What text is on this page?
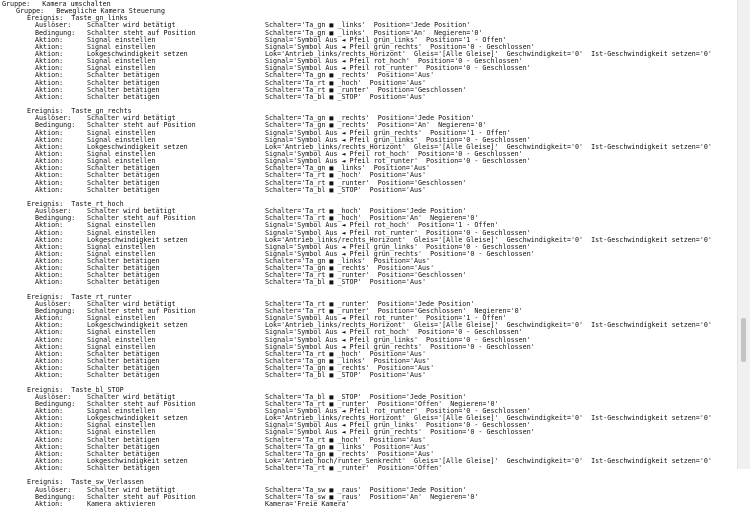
Gruppe:   Kamera umschalten
Gruppe:   Bewegliche Kamera Steuerung
Ereignis:  Taste_gn_links
Auslöser: Schalter wird betätigt	Schalter='Ta_gn ■ _links'  Position='Jede Position'
Bedingung: Schalter steht auf Position	Schalter='Ta_gn ■ _links'  Position='An'  Negieren='0'
Aktion:	Signal einstellen	Signal='Symbol Aus ◄ Pfeil grün_links'  Position='1 - Offen'
Aktion:	Signal einstellen	Signal='Symbol Aus ◄ Pfeil grün_rechts'  Position='0 - Geschlossen'
Aktion:	Lokgeschwindigkeit setzen	Lok='Antrieb_links/rechts_Horizont'  Gleis='[Alle Gleise]'  Geschwindigkeit='0'  Ist-Geschwindigkeit setzen='0'
Aktion:	Signal einstellen	Signal='Symbol Aus ◄ Pfeil rot_hoch'  Position='0 - Geschlossen'
Aktion:	Signal einstellen	Signal='Symbol Aus ◄ Pfeil rot_runter'  Position='0 - Geschlossen'
Aktion:	Schalter betätigen	Schalter='Ta_gn ■ _rechts'  Position='Aus'
Aktion:	Schalter betätigen	Schalter='Ta_rt ■ _hoch'  Position='Aus'
Aktion:	Schalter betätigen	Schalter='Ta_rt ■ _runter'  Position='Geschlossen'
Aktion:	Schalter betätigen	Schalter='Ta_bl ■ _STOP'  Position='Aus'
Ereignis:  Taste_gn_rechts
Auslöser: Schalter wird betätigt	Schalter='Ta_gn ■ _rechts'  Position='Jede Position'
Bedingung: Schalter steht auf Position	Schalter='Ta_gn ■ _rechts'  Position='An'  Negieren='0'
Aktion:	Signal einstellen	Signal='Symbol Aus ◄ Pfeil grün_rechts'  Position='1 - Offen'
Aktion:	Signal einstellen	Signal='Symbol Aus ◄ Pfeil grün_links'  Position='0 - Geschlossen'
Aktion:	Lokgeschwindigkeit setzen	Lok='Antrieb_links/rechts_Horizont'  Gleis='[Alle Gleise]'  Geschwindigkeit='0'  Ist-Geschwindigkeit setzen='0'
Aktion:	Signal einstellen	Signal='Symbol Aus ◄ Pfeil rot_hoch'  Position='0 - Geschlossen'
Aktion:	Signal einstellen	Signal='Symbol Aus ◄ Pfeil rot_runter'  Position='0 - Geschlossen'
Aktion:	Schalter betätigen	Schalter='Ta_gn ■ _links'  Position='Aus'
Aktion:	Schalter betätigen	Schalter='Ta_rt ■ _hoch'  Position='Aus'
Aktion:	Schalter betätigen	Schalter='Ta_rt ■ _runter'  Position='Geschlossen'
Aktion:	Schalter betätigen	Schalter='Ta_bl ■ _STOP'  Position='Aus'
Ereignis:  Taste_rt_hoch
Auslöser: Schalter wird betätigt	Schalter='Ta_rt ■ _hoch'  Position='Jede Position'
Bedingung: Schalter steht auf Position	Schalter='Ta_rt ■ _hoch'  Position='An'  Negieren='0'
Aktion:	Signal einstellen	Signal='Symbol Aus ◄ Pfeil rot_hoch'  Position='1 - Offen'
Aktion:	Signal einstellen	Signal='Symbol Aus ◄ Pfeil rot_runter'  Position='0 - Geschlossen'
Aktion:	Lokgeschwindigkeit setzen	Lok='Antrieb_links/rechts_Horizont'  Gleis='[Alle Gleise]'  Geschwindigkeit='0'  Ist-Geschwindigkeit setzen='0'
Aktion:	Signal einstellen	Signal='Symbol Aus ◄ Pfeil grün_links'  Position='0 - Geschlossen'
Aktion:	Signal einstellen	Signal='Symbol Aus ◄ Pfeil grün_rechts'  Position='0 - Geschlossen'
Aktion:	Schalter betätigen	Schalter='Ta_gn ■ _links'  Position='Aus'
Aktion:	Schalter betätigen	Schalter='Ta_gn ■ _rechts'  Position='Aus'
Aktion:	Schalter betätigen	Schalter='Ta_rt ■ _runter'  Position='Geschlossen'
Aktion:	Schalter betätigen	Schalter='Ta_bl ■ _STOP'  Position='Aus'
Ereignis:  Taste_rt_runter
Auslöser: Schalter wird betätigt	Schalter='Ta_rt ■ _runter'  Position='Jede Position'
Bedingung: Schalter steht auf Position	Schalter='Ta_rt ■ _runter'  Position='Geschlossen'  Negieren='0'
Aktion:	Signal einstellen	Signal='Symbol Aus ◄ Pfeil rot_runter'  Position='1 - Offen'
Aktion:	Lokgeschwindigkeit setzen	Lok='Antrieb_links/rechts_Horizont'  Gleis='[Alle Gleise]'  Geschwindigkeit='0'  Ist-Geschwindigkeit setzen='0'
Aktion:	Signal einstellen	Signal='Symbol Aus ◄ Pfeil rot_hoch'  Position='0 - Geschlossen'
Aktion:	Signal einstellen	Signal='Symbol Aus ◄ Pfeil grün_links'  Position='0 - Geschlossen'
Aktion:	Signal einstellen	Signal='Symbol Aus ◄ Pfeil grün_rechts'  Position='0 - Geschlossen'
Aktion:	Schalter betätigen	Schalter='Ta_rt ■ _hoch'  Position='Aus'
Aktion:	Schalter betätigen	Schalter='Ta_gn ■ _links'  Position='Aus'
Aktion:	Schalter betätigen	Schalter='Ta_gn ■ _rechts'  Position='Aus'
Aktion:	Schalter betätigen	Schalter='Ta_bl ■ _STOP'  Position='Aus'
Ereignis:  Taste_bl_STOP
Auslöser: Schalter wird betätigt	Schalter='Ta_bl ■ _STOP'  Position='Jede Position'
Bedingung: Schalter steht auf Position	Schalter='Ta_rt ■ _runter'  Position='Offen'  Negieren='0'
Aktion:	Signal einstellen	Signal='Symbol Aus ◄ Pfeil rot_runter'  Position='0 - Geschlossen'
Aktion:	Lokgeschwindigkeit setzen	Lok='Antrieb_links/rechts_Horizont'  Gleis='[Alle Gleise]'  Geschwindigkeit='0'  Ist-Geschwindigkeit setzen='0'
Aktion:	Signal einstellen	Signal='Symbol Aus ◄ Pfeil grün_links'  Position='0 - Geschlossen'
Aktion:	Signal einstellen	Signal='Symbol Aus ◄ Pfeil grün_rechts'  Position='0 - Geschlossen'
Aktion:	Schalter betätigen	Schalter='Ta_rt ■ _hoch'  Position='Aus'
Aktion:	Schalter betätigen	Schalter='Ta_gn ■ _links'  Position='Aus'
Aktion:	Schalter betätigen	Schalter='Ta_gn ■ _rechts'  Position='Aus'
Aktion:	Lokgeschwindigkeit setzen	Lok='Antrieb_hoch/runter_Senkrecht'  Gleis='[Alle Gleise]'  Geschwindigkeit='0'  Ist-Geschwindigkeit setzen='0'
Aktion:	Schalter betätigen	Schalter='Ta_rt ■ _runter'  Position='Offen'
Ereignis:  Taste_sw_Verlassen
Auslöser: Schalter wird betätigt	Schalter='Ta_sw ■ _raus'  Position='Jede Position'
Bedingung: Schalter steht auf Position	Schalter='Ta_sw ■ _raus'  Position='An'  Negieren='0'
Aktion:	Kamera aktivieren	Kamera='Freie Kamera'
